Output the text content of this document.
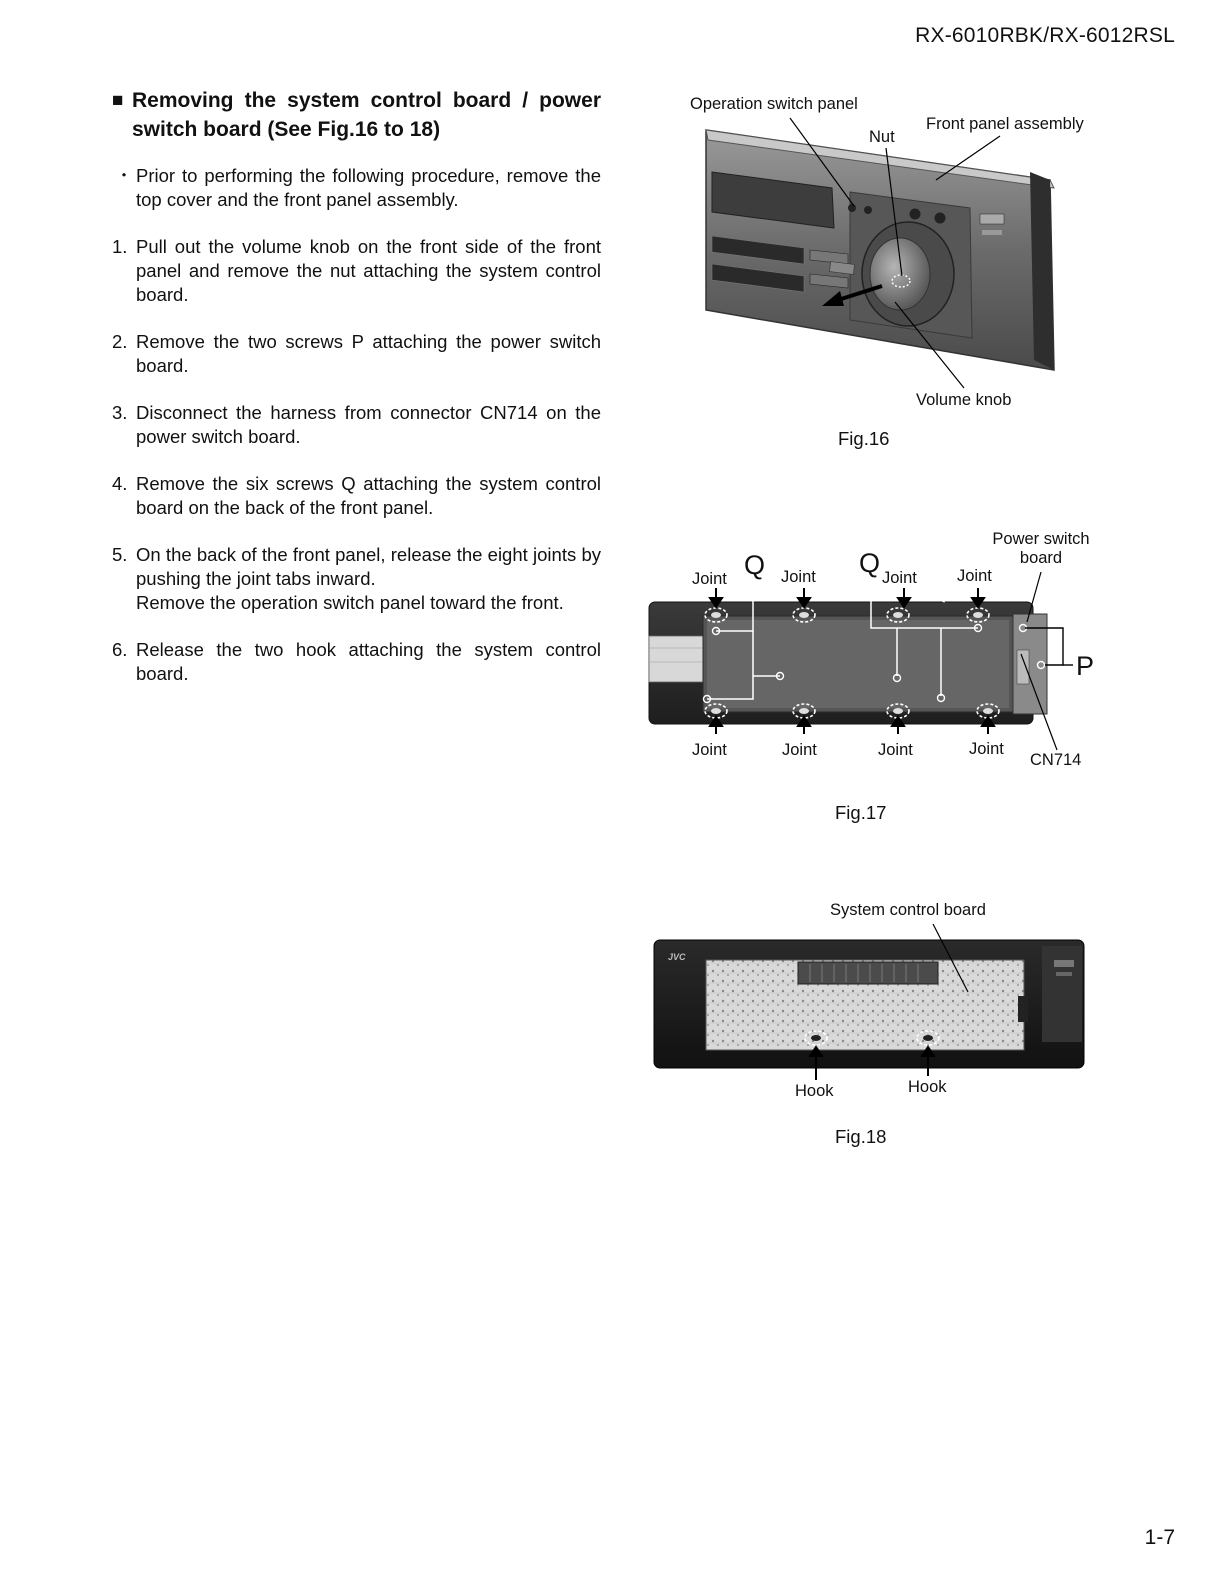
RX-6010RBK/RX-6012RSL
■ Removing the system control board / power switch board (See Fig.16 to 18)
・ Prior to performing the following procedure, remove the top cover and the front panel assembly.
1. Pull out the volume knob on the front side of the front panel and remove the nut attaching the system control board.

2. Remove the two screws P attaching the power switch board.

3. Disconnect the harness from connector CN714 on the power switch board.

4. Remove the six screws Q attaching the system control board on the back of the front panel.

5. On the back of the front panel, release the eight joints by pushing the joint tabs inward.

Remove the operation switch panel toward the front.

6. Release the two hook attaching the system control board.

Operation switch panel
Nut
Front panel assembly
Volume knob
Fig.16
Power switch board
Q	Q
P
Joint	Joint	Joint Joint
Joint	Joint	Joint	Joint
CN714
Fig.17
JVC
System control board
Hook	Hook
Fig.18
1-7
